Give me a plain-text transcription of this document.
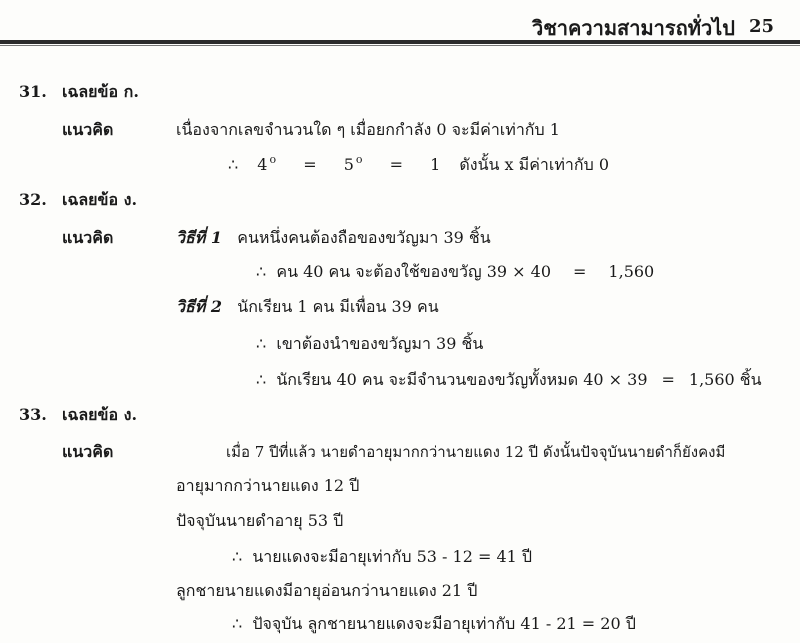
วิชาความสามารถทั่วไป 25
31. เฉลยข้อ ก.
แนวคิด	เนื่องจากเลขจำนวนใด ๆ เมื่อยกกำลัง 0 จะมีค่าเท่ากับ 1
∴ 4 $^o$ = 5 $^o$ = 1 ดังนั้น x มีค่าเท่ากับ 0
32. เฉลยข้อ ง.
แนวคิด	วิธีที่ 1 คนหนึ่งคนต้องถือของขวัญมา 39 ชิ้น
∴ คน 40 คน จะต้องใช้ของขวัญ 39 × 40 = 1,560
วิธีที่ 2 นักเรียน 1 คน มีเพื่อน 39 คน
∴ เขาต้องนำของขวัญมา 39 ชิ้น
∴ นักเรียน 40 คน จะมีจำนวนของขวัญทั้งหมด 40 × 39 = 1,560 ชิ้น
33. เฉลยข้อ ง.
แนวคิด	เมื่อ 7 ปีที่แล้ว นายดำอายุมากกว่านายแดง 12 ปี ดังนั้นปัจจุบันนายดำก็ยังคงมี
อายุมากกว่านายแดง 12 ปี
ปัจจุบันนายดำอายุ 53 ปี
∴ นายแดงจะมีอายุเท่ากับ 53 - 12 = 41 ปี
ลูกชายนายแดงมีอายุอ่อนกว่านายแดง 21 ปี
∴ ปัจจุบัน ลูกชายนายแดงจะมีอายุเท่ากับ 41 - 21 = 20 ปี
